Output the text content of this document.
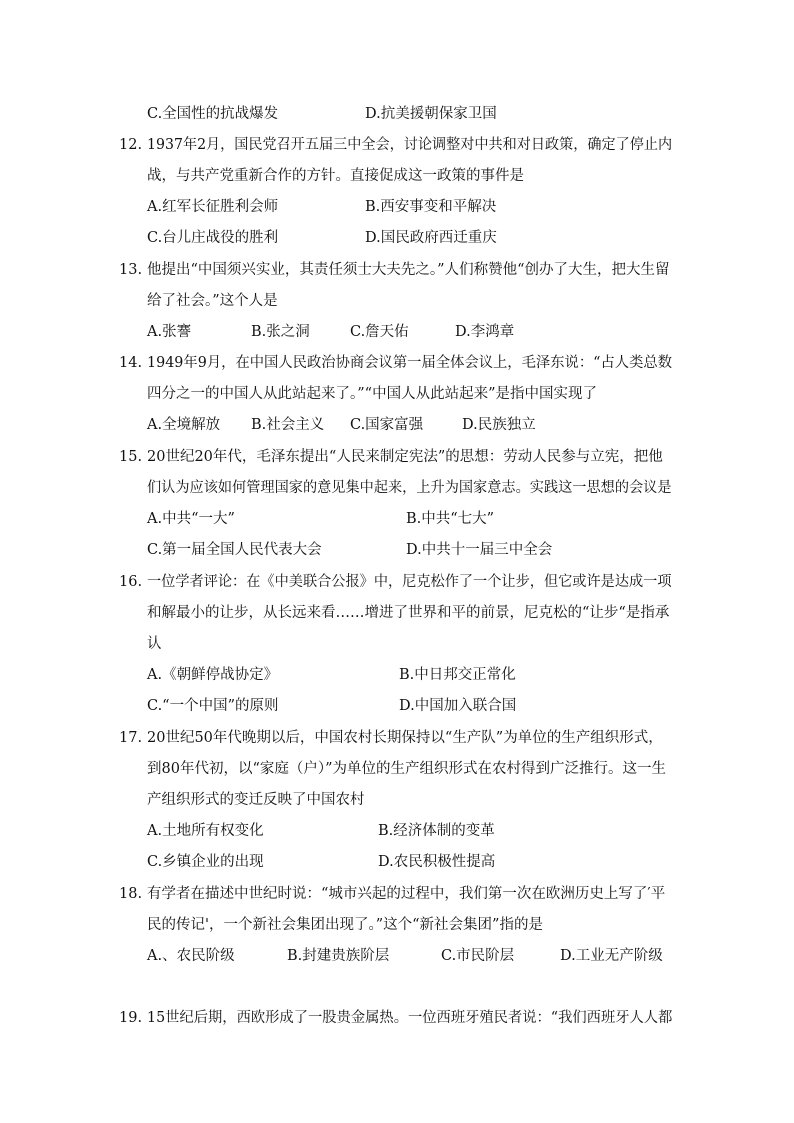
C.全国性的抗战爆发	D.抗美援朝保家卫国
12. 1937年2月，国民党召开五届三中全会，讨论调整对中共和对日政策，确定了停止内
战，与共产党重新合作的方针。直接促成这一政策的事件是
A.红军长征胜利会师	B.西安事变和平解决
C.台儿庄战役的胜利	D.国民政府西迁重庆
13. 他提出“中国须兴实业，其责任须士大夫先之。”人们称赞他“创办了大生，把大生留
给了社会。”这个人是
A.张謇	B.张之洞	C.詹天佑	D.李鸿章
14. 1949年9月，在中国人民政治协商会议第一届全体会议上，毛泽东说：“占人类总数
四分之一的中国人从此站起来了。”“中国人从此站起来”是指中国实现了
A.全境解放 B.社会主义 C.国家富强	D.民族独立
15. 20世纪20年代，毛泽东提出“人民来制定宪法”的思想：劳动人民参与立宪，把他
们认为应该如何管理国家的意见集中起来，上升为国家意志。实践这一思想的会议是
A.中共“一大”	B.中共“七大”
C.第一届全国人民代表大会	D.中共十一届三中全会
16. 一位学者评论：在《中美联合公报》中，尼克松作了一个让步，但它或许是达成一项
和解最小的让步，从长远来看……增进了世界和平的前景，尼克松的“让步“是指承
认
A.《朝鲜停战协定》	B.中日邦交正常化
C.“一个中国”的原则	D.中国加入联合国
17. 20世纪50年代晚期以后，中国农村长期保持以“生产队”为单位的生产组织形式，
到80年代初，以“家庭（户）”为单位的生产组织形式在农村得到广泛推行。这一生
产组织形式的变迁反映了中国农村
A.土地所有权变化	B.经济体制的变革
C.乡镇企业的出现	D.农民积极性提高
18. 有学者在描述中世纪时说：“城市兴起的过程中，我们第一次在欧洲历史上写了′平
民的传记'，一个新社会集团出现了。”这个“新社会集团”指的是
A.、农民阶级	B.封建贵族阶层	C.市民阶层	D.工业无产阶级
19. 15世纪后期，西欧形成了一股贵金属热。一位西班牙殖民者说：“我们西班牙人人都
